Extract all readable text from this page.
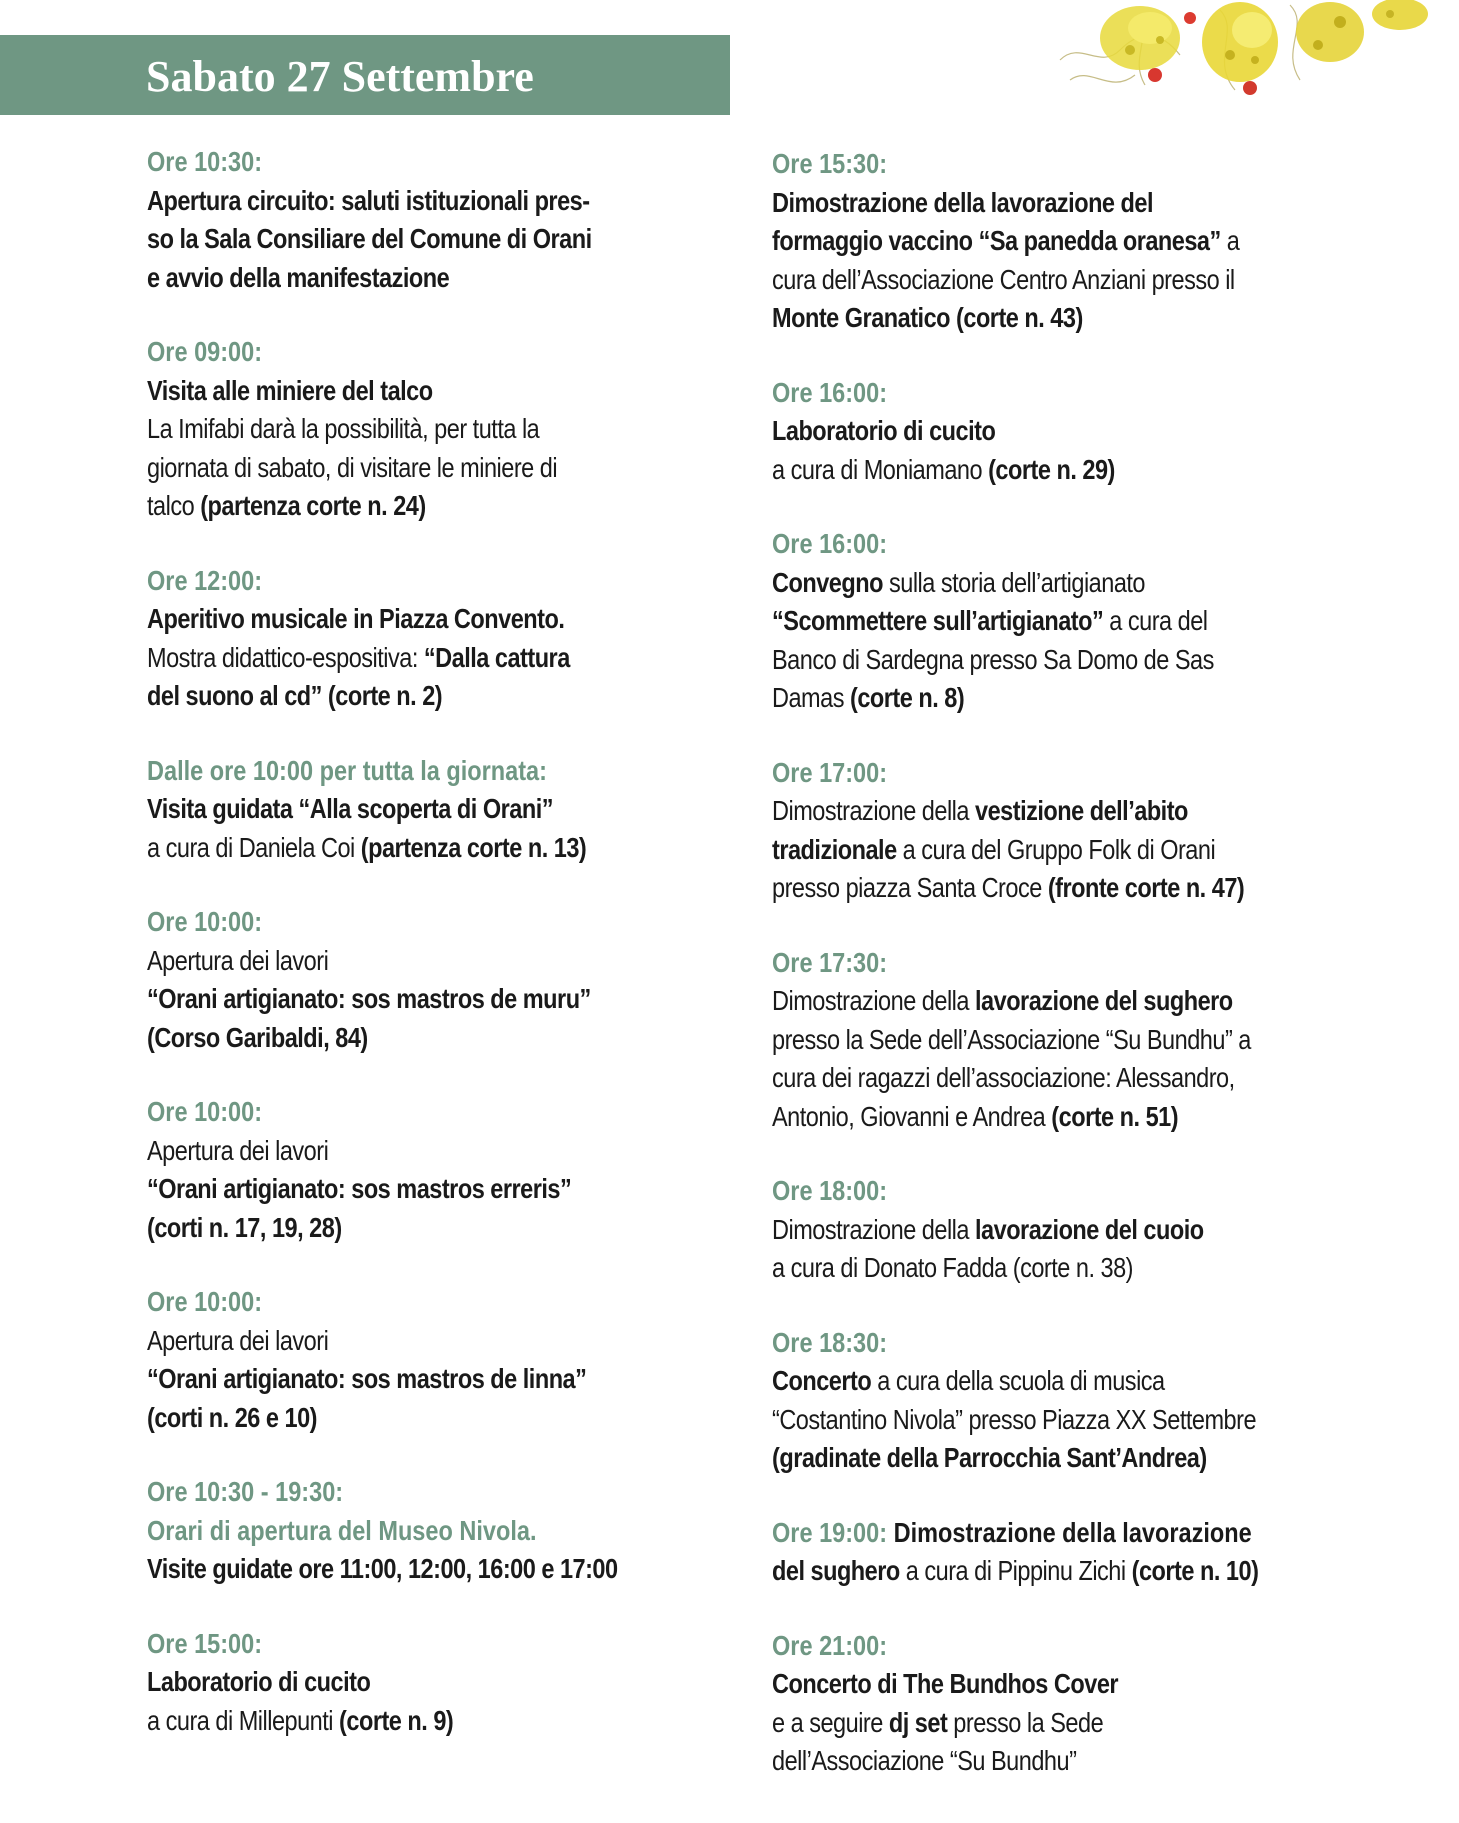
Sabato 27 Settembre

Ore 10:30:

Apertura circuito: saluti istituzionali pres-

so la Sala Consiliare del Comune di Orani

e avvio della manifestazione

Ore 09:00:

Visita alle miniere del talco

La Imifabi darà la possibilità, per tutta la

giornata di sabato, di visitare le miniere di

talco (partenza corte n. 24)

Ore 12:00:

Aperitivo musicale in Piazza Convento.

Mostra didattico-espositiva: “Dalla cattura

del suono al cd” (corte n. 2)

Dalle ore 10:00 per tutta la giornata:

Visita guidata “Alla scoperta di Orani”

a cura di Daniela Coi (partenza corte n. 13)

Ore 10:00:

Apertura dei lavori

“Orani artigianato: sos mastros de muru”

(Corso Garibaldi, 84)

Ore 10:00:

Apertura dei lavori

“Orani artigianato: sos mastros erreris”

(corti n. 17, 19, 28)

Ore 10:00:

Apertura dei lavori

“Orani artigianato: sos mastros de linna”

(corti n. 26 e 10)

Ore 10:30 - 19:30:

Orari di apertura del Museo Nivola.

Visite guidate ore 11:00, 12:00, 16:00 e 17:00

Ore 15:00:

Laboratorio di cucito

a cura di Millepunti (corte n. 9)

Ore 15:30:

Dimostrazione della lavorazione del

formaggio vaccino “Sa panedda oranesa” a

cura dell’Associazione Centro Anziani presso il

Monte Granatico (corte n. 43)

Ore 16:00:

Laboratorio di cucito

a cura di Moniamano (corte n. 29)

Ore 16:00:

Convegno sulla storia dell’artigianato

“Scommettere sull’artigianato” a cura del

Banco di Sardegna presso Sa Domo de Sas

Damas (corte n. 8)

Ore 17:00:

Dimostrazione della vestizione dell’abito

tradizionale a cura del Gruppo Folk di Orani

presso piazza Santa Croce (fronte corte n. 47)

Ore 17:30:

Dimostrazione della lavorazione del sughero

presso la Sede dell’Associazione “Su Bundhu” a

cura dei ragazzi dell’associazione: Alessandro,

Antonio, Giovanni e Andrea (corte n. 51)

Ore 18:00:

Dimostrazione della lavorazione del cuoio

a cura di Donato Fadda (corte n. 38)

Ore 18:30:

Concerto a cura della scuola di musica

“Costantino Nivola” presso Piazza XX Settembre

(gradinate della Parrocchia Sant’Andrea)

Ore 19:00: Dimostrazione della lavorazione

del sughero a cura di Pippinu Zichi (corte n. 10)

Ore 21:00:

Concerto di The Bundhos Cover

e a seguire dj set presso la Sede

dell’Associazione “Su Bundhu”
